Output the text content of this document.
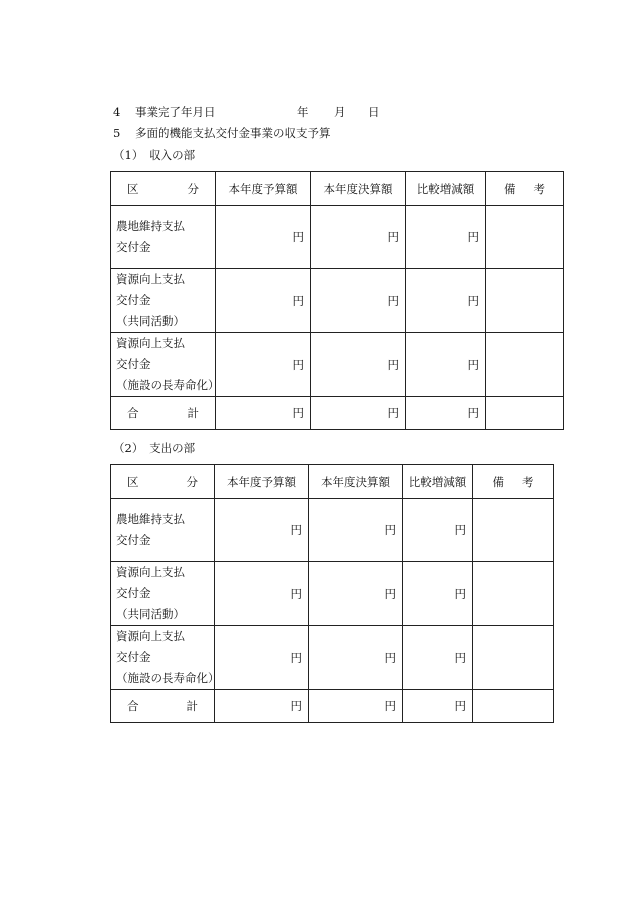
4 事業完了年月日	年 月 日
5 多面的機能支払交付金事業の収支予算
（1）　収入の部
区 分	本年度予算額	本年度決算額	比較増減額	備 考

農地維持支払
交付金	円	円	円	

資源向上支払
交付金
（共同活動）	円	円	円	

資源向上支払
交付金
（施設の長寿命化）	円	円	円	
合 計	円	円	円	
（2）　支出の部
区 分	本年度予算額	本年度決算額	比較増減額	備 考

農地維持支払
交付金	円	円	円	

資源向上支払
交付金
（共同活動）	円	円	円	

資源向上支払
交付金
（施設の長寿命化）	円	円	円	
合 計	円	円	円	
